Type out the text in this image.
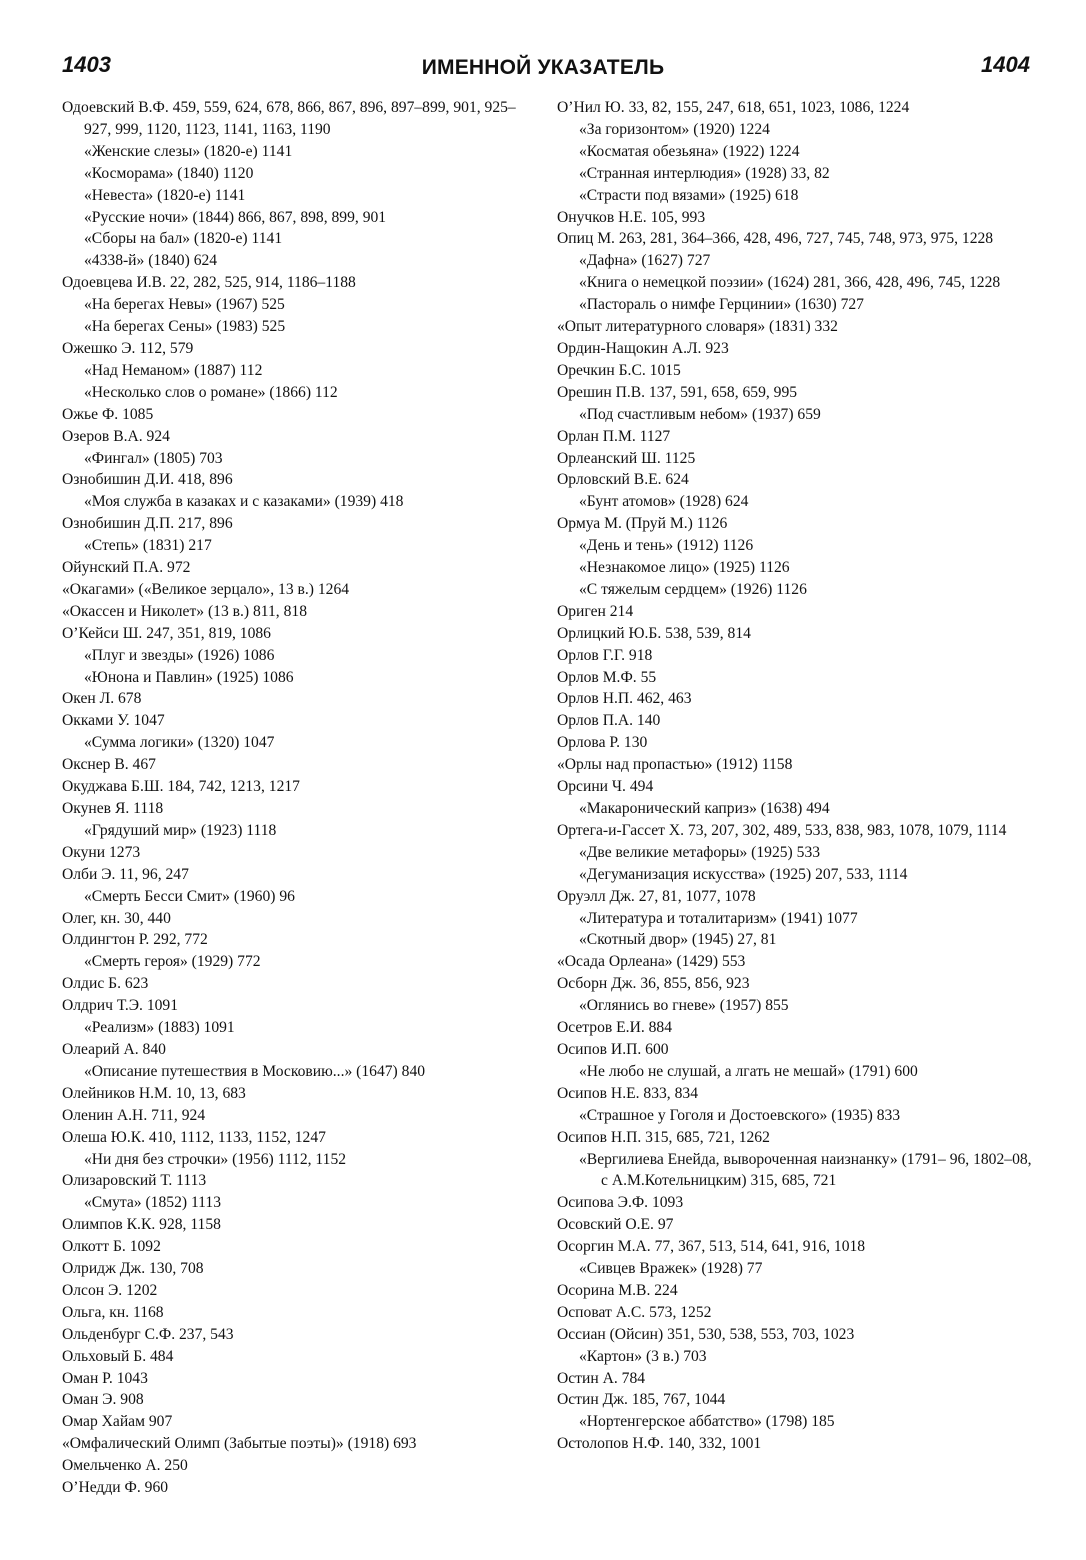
1403	ИМЕННОЙ УКАЗАТЕЛЬ	1404
Одоевский В.Ф. 459, 559, 624, 678, 866, 867, 896, 897–899, 901, 925–927, 999, 1120, 1123, 1141, 1163, 1190
«Женские слезы» (1820-е) 1141
«Косморама» (1840) 1120
«Невеста» (1820-е) 1141
«Русские ночи» (1844) 866, 867, 898, 899, 901
«Сборы на бал» (1820-е) 1141
«4338-й» (1840) 624
Одоевцева И.В. 22, 282, 525, 914, 1186–1188
«На берегах Невы» (1967) 525
«На берегах Сены» (1983) 525
Ожешко Э. 112, 579
«Над Неманом» (1887) 112
«Несколько слов о романе» (1866) 112
Ожье Ф. 1085
Озеров В.А. 924
«Фингал» (1805) 703
Ознобишин Д.И. 418, 896
«Моя служба в казаках и с казаками» (1939) 418
Ознобишин Д.П. 217, 896
«Степь» (1831) 217
Ойунский П.А. 972
«Окагами» («Великое зерцало», 13 в.) 1264
«Окассен и Николет» (13 в.) 811, 818
О’Кейси Ш. 247, 351, 819, 1086
«Плуг и звезды» (1926) 1086
«Юнона и Павлин» (1925) 1086
Окен Л. 678
Окками У. 1047
«Сумма логики» (1320) 1047
Окснер В. 467
Окуджава Б.Ш. 184, 742, 1213, 1217
Окунев Я. 1118
«Грядуший мир» (1923) 1118
Окуни 1273
Олби Э. 11, 96, 247
«Смерть Бесси Смит» (1960) 96
Олег, кн. 30, 440
Олдингтон Р. 292, 772
«Смерть героя» (1929) 772
Олдис Б. 623
Олдрич Т.Э. 1091
«Реализм» (1883) 1091
Олеарий А. 840
«Описание путешествия в Московию...» (1647) 840
Олейников Н.М. 10, 13, 683
Оленин А.Н. 711, 924
Олеша Ю.К. 410, 1112, 1133, 1152, 1247
«Ни дня без строчки» (1956) 1112, 1152
Олизаровский Т. 1113
«Смута» (1852) 1113
Олимпов К.К. 928, 1158
Олкотт Б. 1092
Олридж Дж. 130, 708
Олсон Э. 1202
Ольга, кн. 1168
Ольденбург С.Ф. 237, 543
Ольховый Б. 484
Оман Р. 1043
Оман Э. 908
Омар Хайам 907
«Омфалический Олимп (Забытые поэты)» (1918) 693
Омельченко А. 250
О’Недди Ф. 960
О’Нил Ю. 33, 82, 155, 247, 618, 651, 1023, 1086, 1224
«За горизонтом» (1920) 1224
«Косматая обезьяна» (1922) 1224
«Странная интерлюдия» (1928) 33, 82
«Страсти под вязами» (1925) 618
Онучков Н.Е. 105, 993
Опиц М. 263, 281, 364–366, 428, 496, 727, 745, 748, 973, 975, 1228
«Дафна» (1627) 727
«Книга о немецкой поэзии» (1624) 281, 366, 428, 496, 745, 1228
«Пастораль о нимфе Герцинии» (1630) 727
«Опыт литературного словаря» (1831) 332
Ордин-Нащокин А.Л. 923
Оречкин Б.С. 1015
Орешин П.В. 137, 591, 658, 659, 995
«Под счастливым небом» (1937) 659
Орлан П.М. 1127
Орлеанский Ш. 1125
Орловский В.Е. 624
«Бунт атомов» (1928) 624
Ормуа М. (Пруй М.) 1126
«День и тень» (1912) 1126
«Незнакомое лицо» (1925) 1126
«С тяжелым сердцем» (1926) 1126
Ориген 214
Орлицкий Ю.Б. 538, 539, 814
Орлов Г.Г. 918
Орлов М.Ф. 55
Орлов Н.П. 462, 463
Орлов П.А. 140
Орлова Р. 130
«Орлы над пропастью» (1912) 1158
Орсини Ч. 494
«Макаронический каприз» (1638) 494
Ортега-и-Гассет Х. 73, 207, 302, 489, 533, 838, 983, 1078, 1079, 1114
«Две великие метафоры» (1925) 533
«Дегуманизация искусства» (1925) 207, 533, 1114
Оруэлл Дж. 27, 81, 1077, 1078
«Литература и тоталитаризм» (1941) 1077
«Скотный двор» (1945) 27, 81
«Осада Орлеана» (1429) 553
Осборн Дж. 36, 855, 856, 923
«Оглянись во гневе» (1957) 855
Осетров Е.И. 884
Осипов И.П. 600
«Не любо не слушай, а лгать не мешай» (1791) 600
Осипов Н.Е. 833, 834
«Страшное у Гоголя и Достоевского» (1935) 833
Осипов Н.П. 315, 685, 721, 1262
«Вергилиева Енейда, вывороченная наизнанку» (1791– 96, 1802–08, с А.М.Котельницким) 315, 685, 721
Осипова Э.Ф. 1093
Осовский О.Е. 97
Осоргин М.А. 77, 367, 513, 514, 641, 916, 1018
«Сивцев Вражек» (1928) 77
Осорина М.В. 224
Осповат А.С. 573, 1252
Оссиан (Ойсин) 351, 530, 538, 553, 703, 1023
«Картон» (3 в.) 703
Остин А. 784
Остин Дж. 185, 767, 1044
«Нортенгерское аббатство» (1798) 185
Остолопов Н.Ф. 140, 332, 1001
